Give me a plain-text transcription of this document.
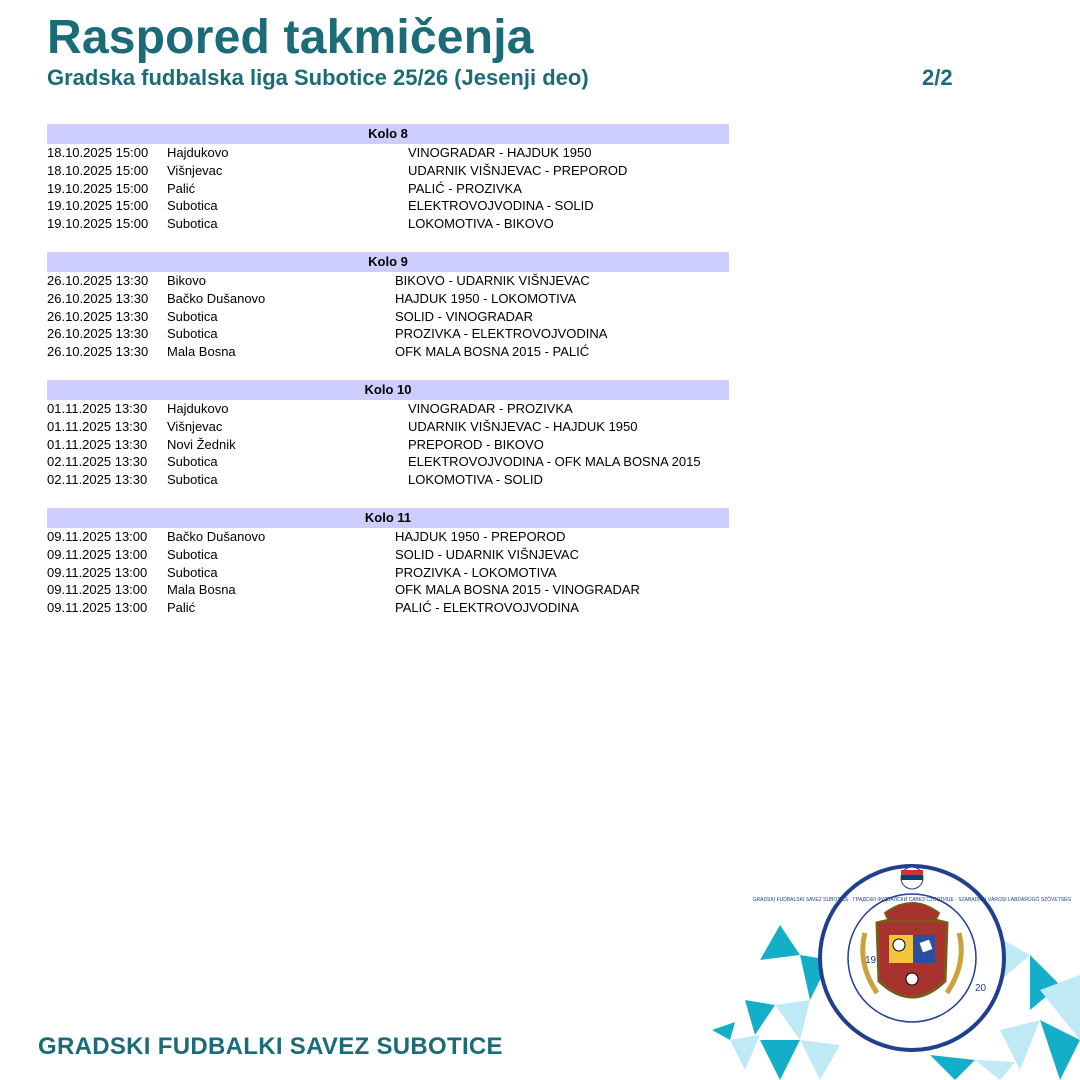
Raspored takmičenja
Gradska fudbalska liga Subotice 25/26 (Jesenji deo)	2/2
Kolo 8
18.10.2025 15:00 Hajdukovo	VINOGRADAR - HAJDUK 1950
18.10.2025 15:00 Višnjevac	UDARNIK VIŠNJEVAC - PREPOROD
19.10.2025 15:00 Palić	PALIĆ - PROZIVKA
19.10.2025 15:00 Subotica	ELEKTROVOJVODINA - SOLID
19.10.2025 15:00 Subotica	LOKOMOTIVA - BIKOVO
Kolo 9
26.10.2025 13:30 Bikovo	BIKOVO - UDARNIK VIŠNJEVAC
26.10.2025 13:30 Bačko Dušanovo	HAJDUK 1950 - LOKOMOTIVA
26.10.2025 13:30 Subotica	SOLID - VINOGRADAR
26.10.2025 13:30 Subotica	PROZIVKA - ELEKTROVOJVODINA
26.10.2025 13:30 Mala Bosna	OFK MALA BOSNA 2015 - PALIĆ
Kolo 10
01.11.2025 13:30 Hajdukovo	VINOGRADAR - PROZIVKA
01.11.2025 13:30 Višnjevac	UDARNIK VIŠNJEVAC - HAJDUK 1950
01.11.2025 13:30 Novi Žednik	PREPOROD - BIKOVO
02.11.2025 13:30 Subotica	ELEKTROVOJVODINA - OFK MALA BOSNA 2015
02.11.2025 13:30 Subotica	LOKOMOTIVA - SOLID
Kolo 11
09.11.2025 13:00 Bačko Dušanovo	HAJDUK 1950 - PREPOROD
09.11.2025 13:00 Subotica	SOLID - UDARNIK VIŠNJEVAC
09.11.2025 13:00 Subotica	PROZIVKA - LOKOMOTIVA
09.11.2025 13:00 Mala Bosna	OFK MALA BOSNA 2015 - VINOGRADAR
09.11.2025 13:00 Palić	PALIĆ - ELEKTROVOJVODINA
GRADSKI FUDBALKI SAVEZ SUBOTICE
GRADSKI FUDBALSKI SAVEZ SUBOTICE · ГРАДСКИ ФУДБАЛСКИ САВЕЗ СУБОТИЦЕ · SZABADKAI VÁROSI LABDARÚGÓ SZÖVETSÉG
19
20
